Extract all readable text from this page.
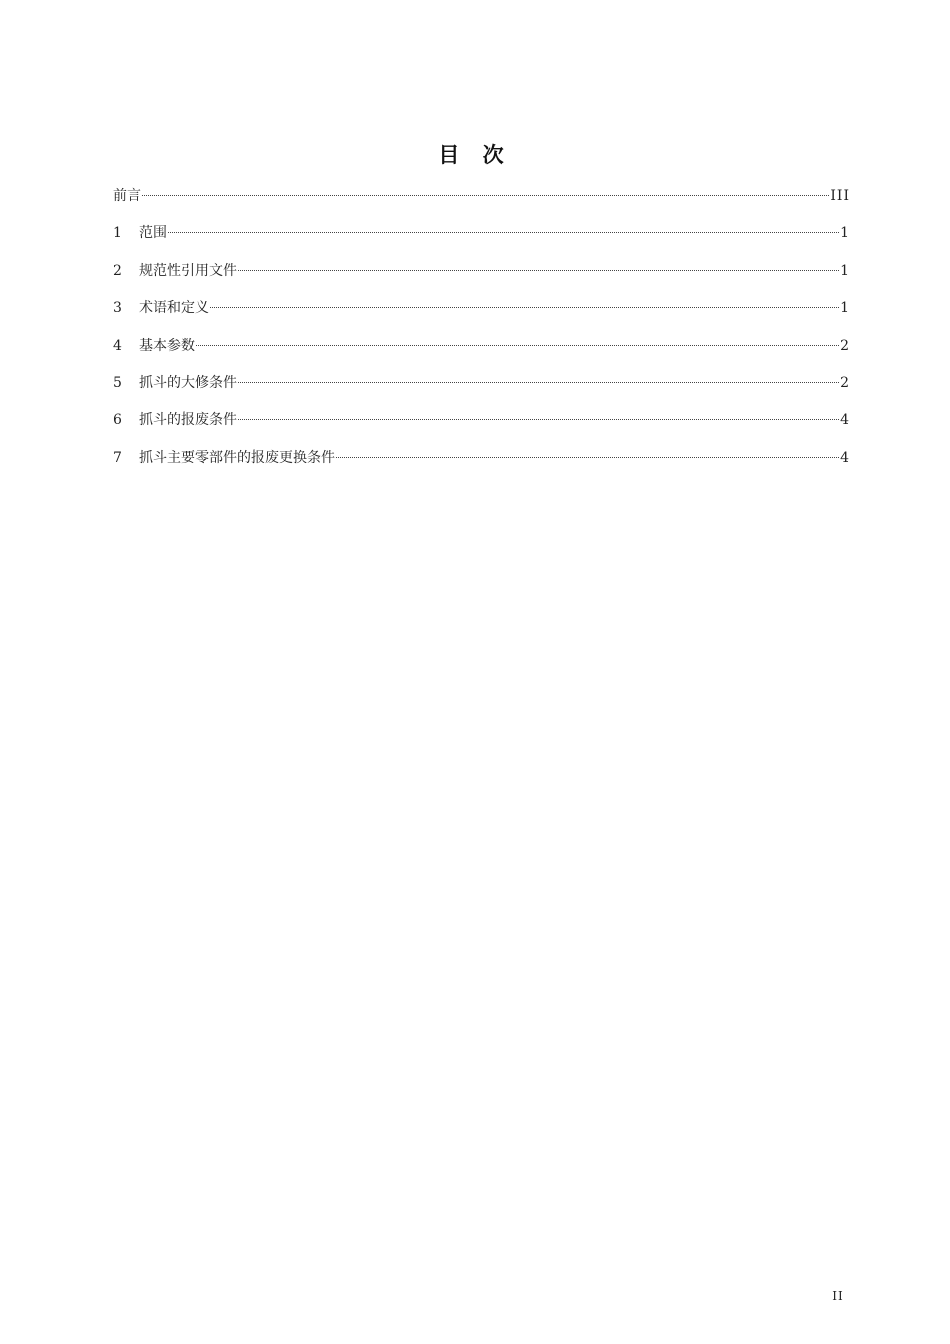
目 次
前言	III
1	范围	1
2	规范性引用文件	1
3	术语和定义	1
4	基本参数	2
5	抓斗的大修条件	2
6	抓斗的报废条件	4
7	抓斗主要零部件的报废更换条件	4
II
